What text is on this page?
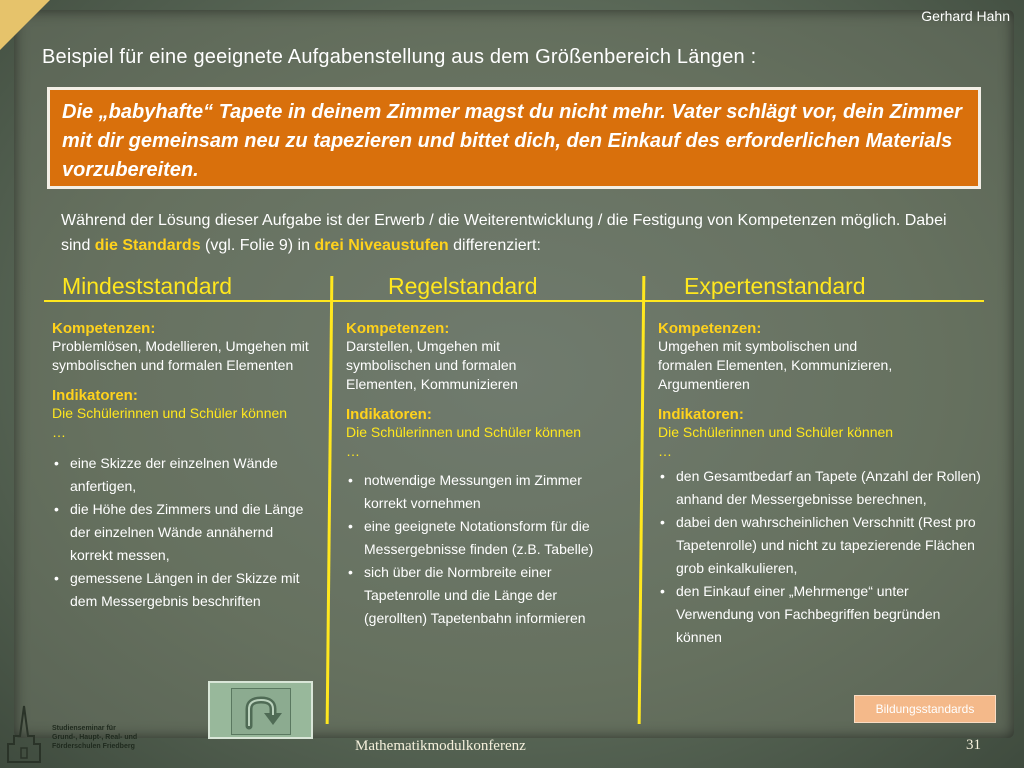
Gerhard Hahn
Beispiel für eine geeignete Aufgabenstellung aus dem Größenbereich Längen :
Die „babyhafte“ Tapete in deinem Zimmer magst du nicht mehr. Vater schlägt vor, dein Zimmer mit dir gemeinsam neu zu tapezieren und bittet dich, den Einkauf des erforderlichen Materials vorzubereiten.
Während der Lösung dieser Aufgabe ist der Erwerb / die Weiterentwicklung / die Festigung von Kompetenzen möglich. Dabei sind die Standards (vgl. Folie 9) in drei Niveaustufen differenziert:
Mindeststandard	Regelstandard	Expertenstandard
Kompetenzen:
Problemlösen, Modellieren, Umgehen mit symbolischen und formalen Elementen
Indikatoren:
Die Schülerinnen und Schüler können …
• eine Skizze der einzelnen Wände anfertigen,
• die Höhe des Zimmers und die Länge der einzelnen Wände annähernd korrekt messen,
• gemessene Längen in der Skizze mit dem Messergebnis beschriften
Kompetenzen:
Darstellen, Umgehen mit symbolischen und formalen Elementen, Kommunizieren
Indikatoren:
Die Schülerinnen und Schüler können …
• notwendige Messungen im Zimmer korrekt vornehmen
• eine geeignete Notationsform für die Messergebnisse finden (z.B. Tabelle)
• sich über die Normbreite einer Tapetenrolle und die Länge der (gerollten) Tapetenbahn informieren
Kompetenzen:
Umgehen mit symbolischen und formalen Elementen, Kommunizieren, Argumentieren
Indikatoren:
Die Schülerinnen und Schüler können …
• den Gesamtbedarf an Tapete (Anzahl der Rollen) anhand der Messergebnisse berechnen,
• dabei den wahrscheinlichen Verschnitt (Rest pro Tapetenrolle) und nicht zu tapezierende Flächen grob einkalkulieren,
• den Einkauf einer „Mehrmenge“ unter Verwendung von Fachbegriffen begründen können
Bildungsstandards
Studienseminar für
Grund-, Haupt-, Real- und
Förderschulen Friedberg	Mathematikmodulkonferenz	31
